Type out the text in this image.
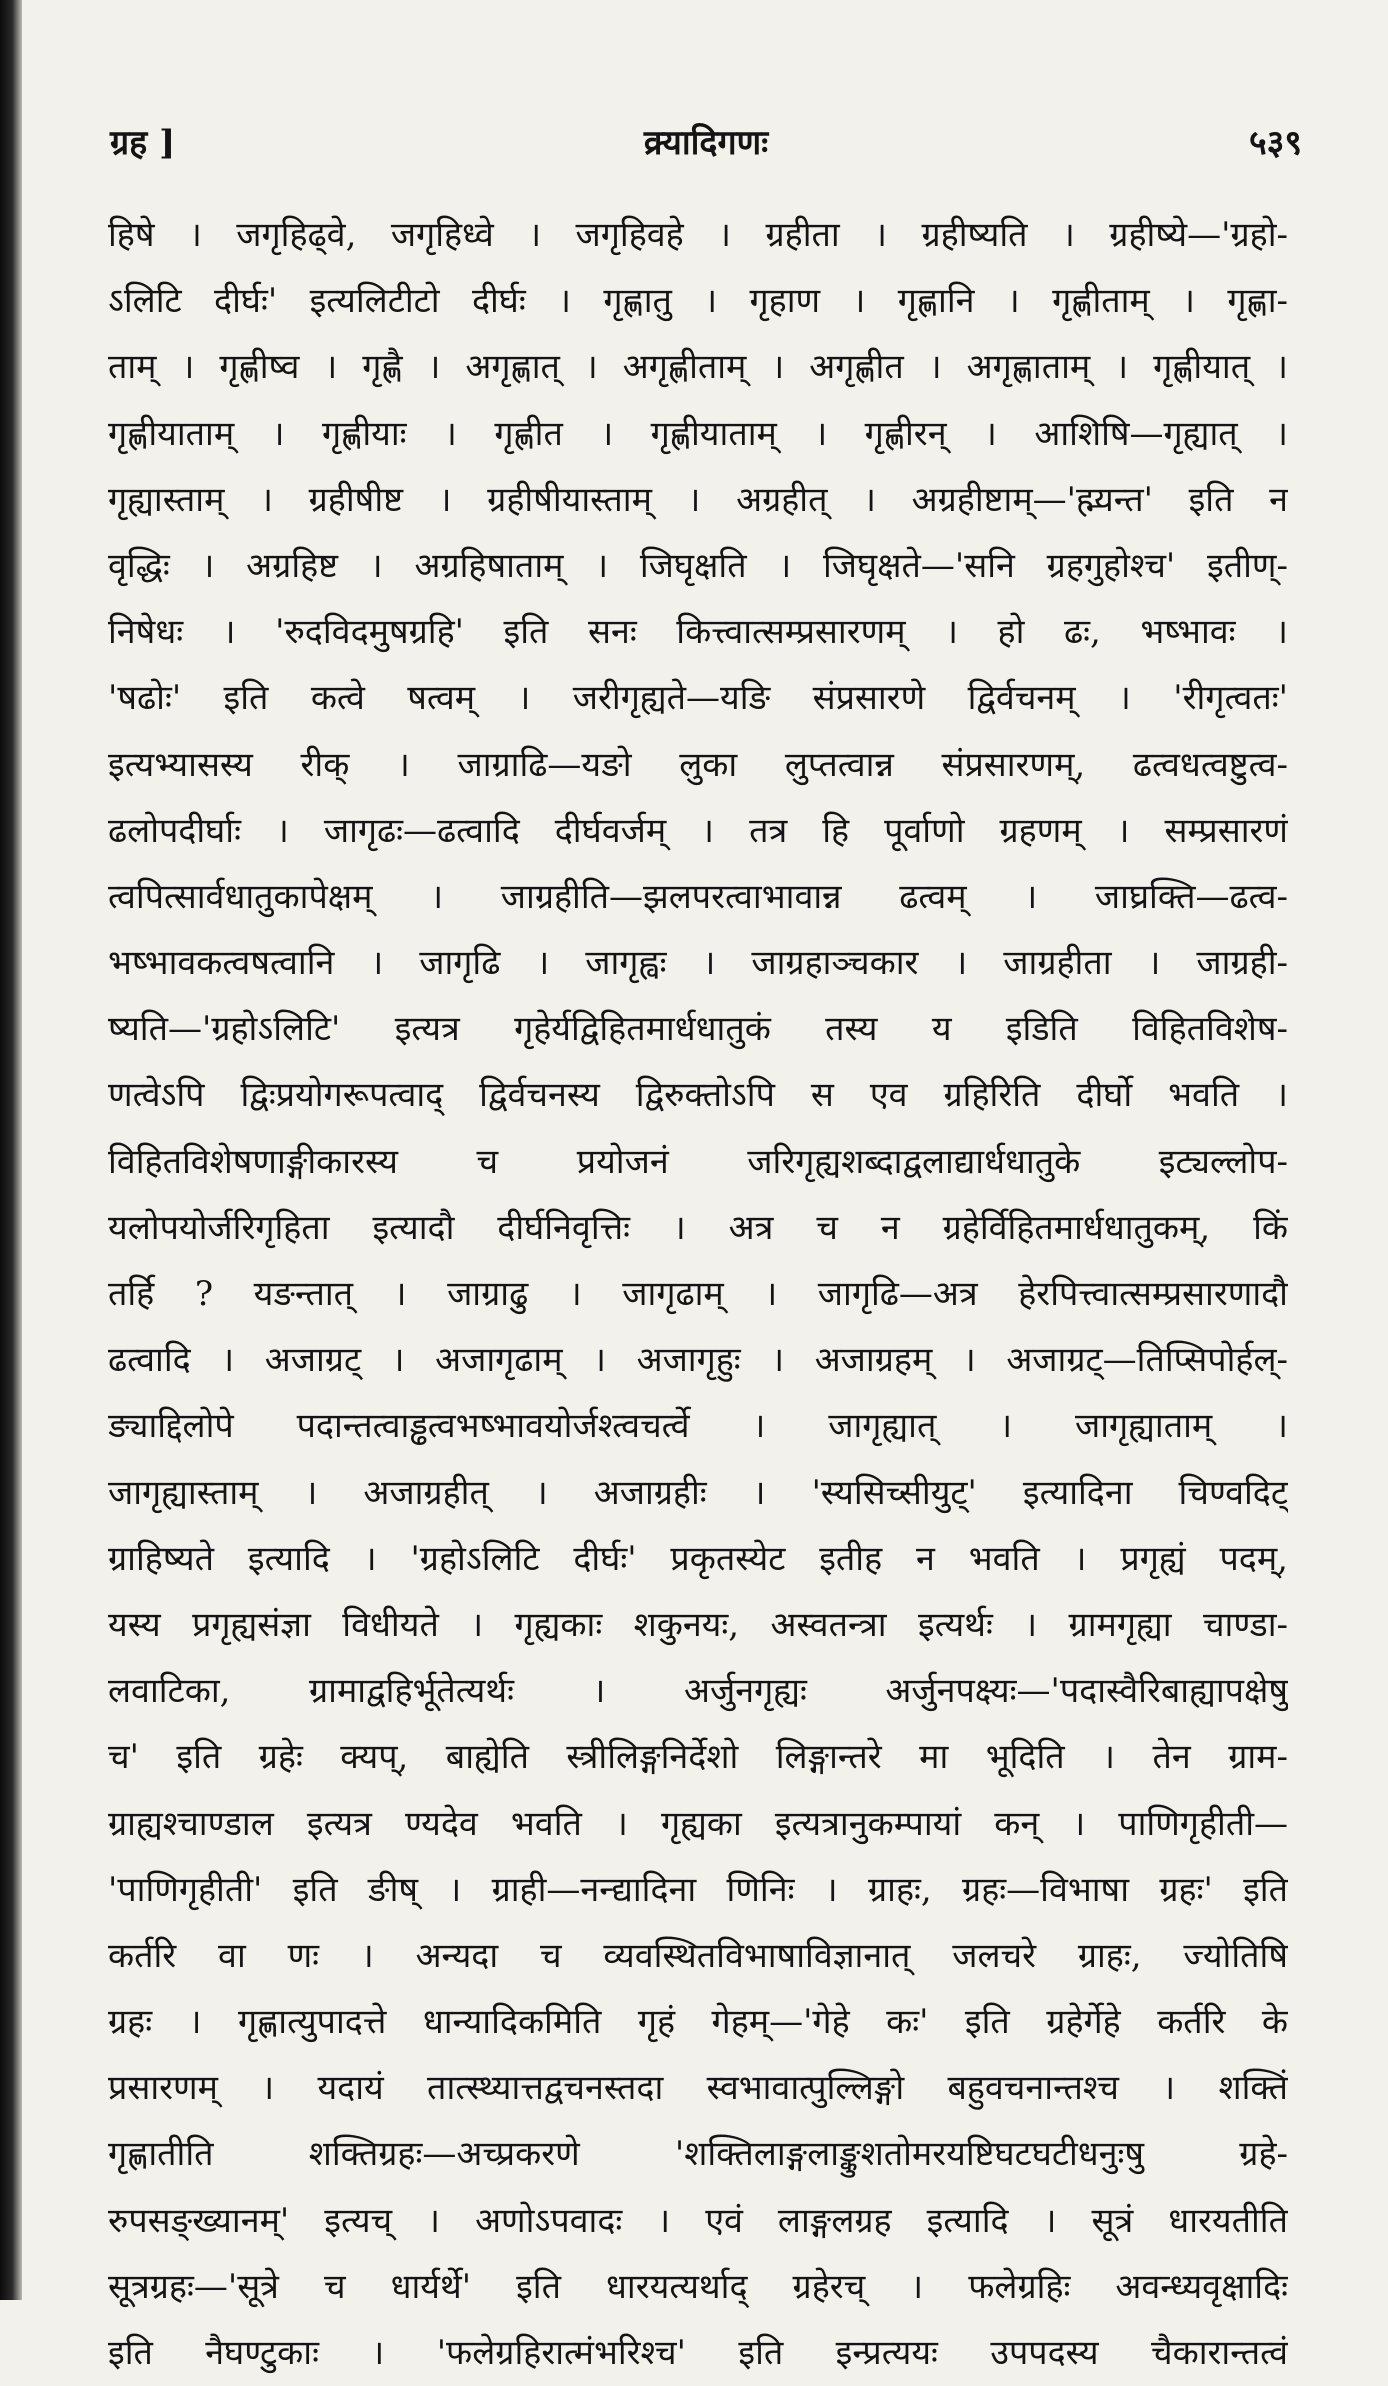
ग्रह ]	क्र्यादिगणः	५३९
हिषे । जगृहिढ्वे, जगृहिध्वे । जगृहिवहे । ग्रहीता । ग्रहीष्यति । ग्रहीष्ये—'ग्रहो-
ऽलिटि दीर्घः' इत्यलिटीटो दीर्घः । गृह्णातु । गृहाण । गृह्णानि । गृह्णीताम् । गृह्णा-
ताम् । गृह्णीष्व । गृह्णै । अगृह्णात् । अगृह्णीताम् । अगृह्णीत । अगृह्णाताम् । गृह्णीयात् ।
गृह्णीयाताम् । गृह्णीयाः । गृह्णीत । गृह्णीयाताम् । गृह्णीरन् । आशिषि—गृह्यात् ।
गृह्यास्ताम् । ग्रहीषीष्ट । ग्रहीषीयास्ताम् । अग्रहीत् । अग्रहीष्टाम्—'ह्म्यन्त' इति न
वृद्धिः । अग्रहिष्ट । अग्रहिषाताम् । जिघृक्षति । जिघृक्षते—'सनि ग्रहगुहोश्च' इतीण्-
निषेधः । 'रुदविदमुषग्रहि' इति सनः कित्त्वात्सम्प्रसारणम् । हो ढः, भष्भावः ।
'षढोः' इति कत्वे षत्वम् । जरीगृह्यते—यङि संप्रसारणे द्विर्वचनम् । 'रीगृत्वतः'
इत्यभ्यासस्य रीक् । जाग्राढि—यङो लुका लुप्तत्वान्न संप्रसारणम्, ढत्वधत्वष्टुत्व-
ढलोपदीर्घाः । जागृढः—ढत्वादि दीर्घवर्जम् । तत्र हि पूर्वाणो ग्रहणम् । सम्प्रसारणं
त्वपित्सार्वधातुकापेक्षम् । जाग्रहीति—झलपरत्वाभावान्न ढत्वम् । जाघ्रक्ति—ढत्व-
भष्भावकत्वषत्वानि । जागृढि । जागृह्वः । जाग्रहाञ्चकार । जाग्रहीता । जाग्रही-
ष्यति—'ग्रहोऽलिटि' इत्यत्र गृहेर्यद्विहितमार्धधातुकं तस्य य इडिति विहितविशेष-
णत्वेऽपि द्विःप्रयोगरूपत्वाद् द्विर्वचनस्य द्विरुक्तोऽपि स एव ग्रहिरिति दीर्घो भवति ।
विहितविशेषणाङ्गीकारस्य च प्रयोजनं जरिगृह्यशब्दाद्वलाद्यार्धधातुके इट्यल्लोप-
यलोपयोर्जरिगृहिता इत्यादौ दीर्घनिवृत्तिः । अत्र च न ग्रहेर्विहितमार्धधातुकम्, किं
तर्हि ? यङन्तात् । जाग्राढु । जागृढाम् । जागृढि—अत्र हेरपित्त्वात्सम्प्रसारणादौ
ढत्वादि । अजाग्रट् । अजागृढाम् । अजागृहुः । अजाग्रहम् । अजाग्रट्—तिप्सिपोर्हल्-
ङ्याद्दिलोपे पदान्तत्वाड्ढत्वभष्भावयोर्जश्त्वचर्त्वे । जागृह्यात् । जागृह्याताम् ।
जागृह्यास्ताम् । अजाग्रहीत् । अजाग्रहीः । 'स्यसिच्सीयुट्' इत्यादिना चिण्वदिट्
ग्राहिष्यते इत्यादि । 'ग्रहोऽलिटि दीर्घः' प्रकृतस्येट इतीह न भवति । प्रगृह्यं पदम्,
यस्य प्रगृह्यसंज्ञा विधीयते । गृह्यकाः शकुनयः, अस्वतन्त्रा इत्यर्थः । ग्रामगृह्या चाण्डा-
लवाटिका, ग्रामाद्वहिर्भूतेत्यर्थः । अर्जुनगृह्यः अर्जुनपक्ष्यः—'पदास्वैरिबाह्यापक्षेषु
च' इति ग्रहेः क्यप्, बाह्येति स्त्रीलिङ्गनिर्देशो लिङ्गान्तरे मा भूदिति । तेन ग्राम-
ग्राह्यश्चाण्डाल इत्यत्र ण्यदेव भवति । गृह्यका इत्यत्रानुकम्पायां कन् । पाणिगृहीती—
'पाणिगृहीती' इति ङीष् । ग्राही—नन्द्यादिना णिनिः । ग्राहः, ग्रहः—विभाषा ग्रहः' इति
कर्तरि वा णः । अन्यदा च व्यवस्थितविभाषाविज्ञानात् जलचरे ग्राहः, ज्योतिषि
ग्रहः । गृह्णात्युपादत्ते धान्यादिकमिति गृहं गेहम्—'गेहे कः' इति ग्रहेर्गेहे कर्तरि के
प्रसारणम् । यदायं तात्स्थ्यात्तद्वचनस्तदा स्वभावात्पुल्लिङ्गो बहुवचनान्तश्च । शक्तिं
गृह्णातीति शक्तिग्रहः—अच्प्रकरणे 'शक्तिलाङ्गलाङ्कुशतोमरयष्टिघटघटीधनुःषु ग्रहे-
रुपसङ्ख्यानम्' इत्यच् । अणोऽपवादः । एवं लाङ्गलग्रह इत्यादि । सूत्रं धारयतीति
सूत्रग्रहः—'सूत्रे च धार्यर्थे' इति धारयत्यर्थाद् ग्रहेरच् । फलेग्रहिः अवन्ध्यवृक्षादिः
इति नैघण्टुकाः । 'फलेग्रहिरात्मंभरिश्च' इति इन्प्रत्ययः उपपदस्य चैकारान्तत्वं
